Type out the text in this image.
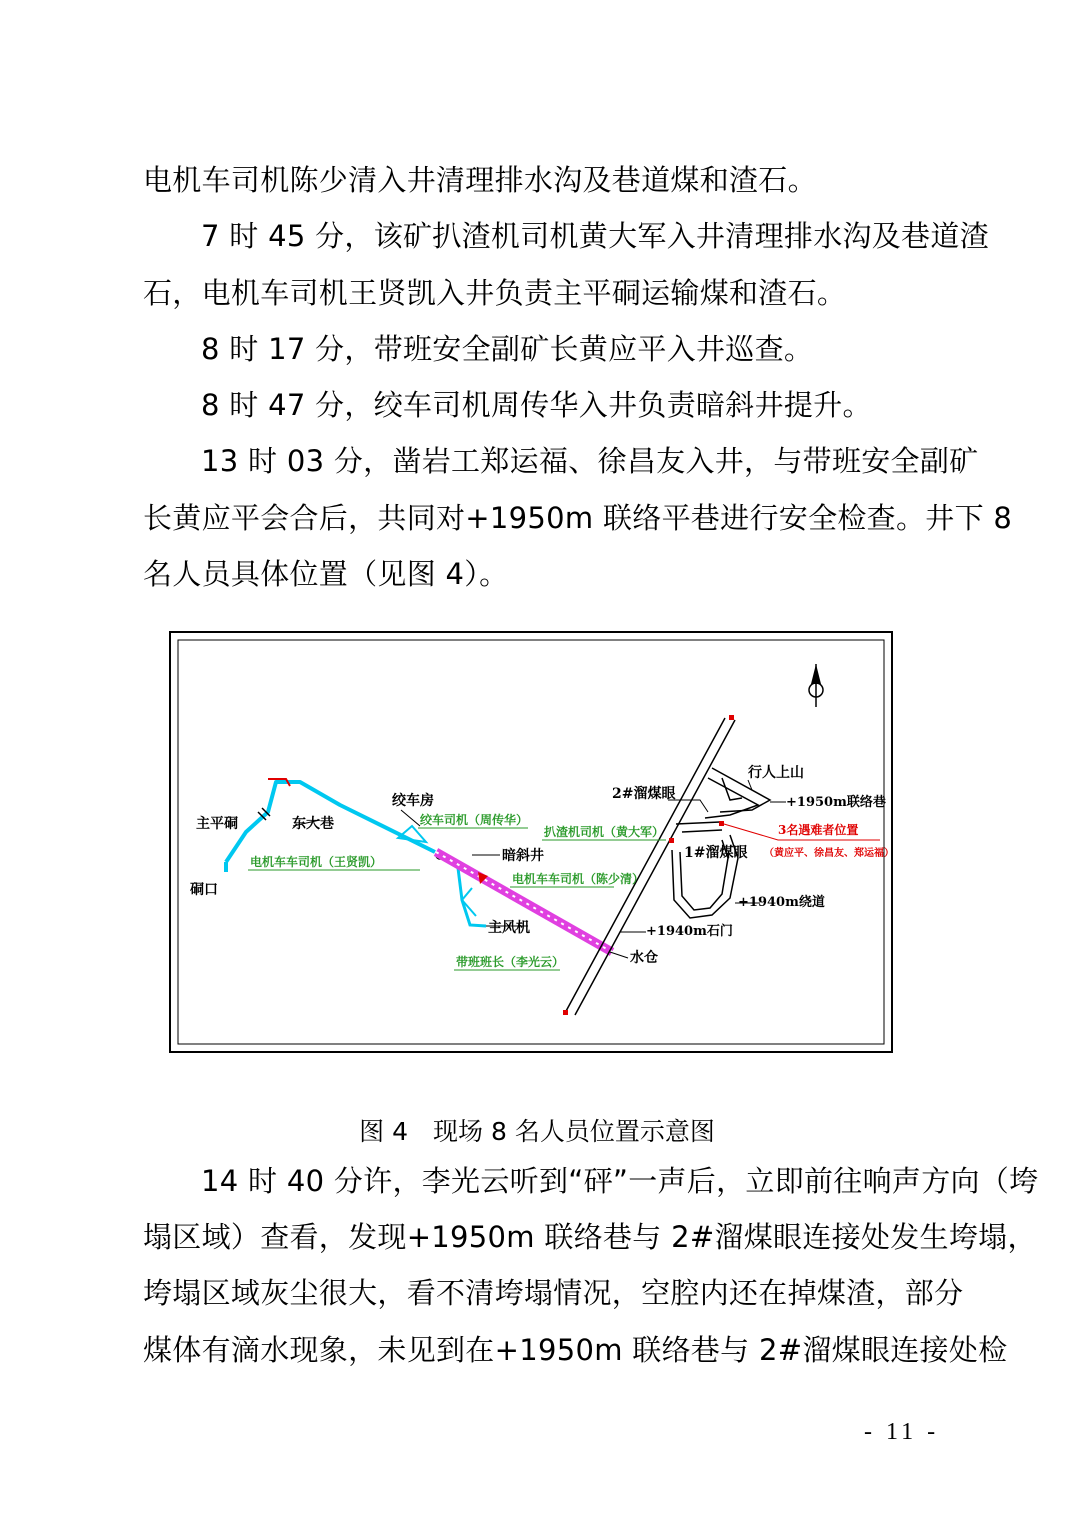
电机车司机陈少清入井清理排水沟及巷道煤和渣石。
7 时 45 分，该矿扒渣机司机黄大军入井清理排水沟及巷道渣
石，电机车司机王贤凯入井负责主平硐运输煤和渣石。
8 时 17 分，带班安全副矿长黄应平入井巡查。
8 时 47 分，绞车司机周传华入井负责暗斜井提升。
13 时 03 分，凿岩工郑运福、徐昌友入井，与带班安全副矿
长黄应平会合后，共同对+1950m 联络平巷进行安全检查。井下 8
名人员具体位置（见图 4）。
主平硐
硐口
东大巷
绞车房
暗斜井
主风机
水仓
2#溜煤眼
1#溜煤眼
行人上山
+1950m联络巷
+1940m绕道
+1940m石门
绞车司机（周传华）
电机车车司机（王贤凯）
扒渣机司机（黄大军）
电机车车司机（陈少清）
带班班长（李光云）
3名遇难者位置
（黄应平、徐昌友、郑运福）
图 4　现场 8 名人员位置示意图
14 时 40 分许，李光云听到“砰”一声后，立即前往响声方向（垮
塌区域）查看，发现+1950m 联络巷与 2#溜煤眼连接处发生垮塌，
垮塌区域灰尘很大，看不清垮塌情况，空腔内还在掉煤渣，部分
煤体有滴水现象，未见到在+1950m 联络巷与 2#溜煤眼连接处检
- 11 -
